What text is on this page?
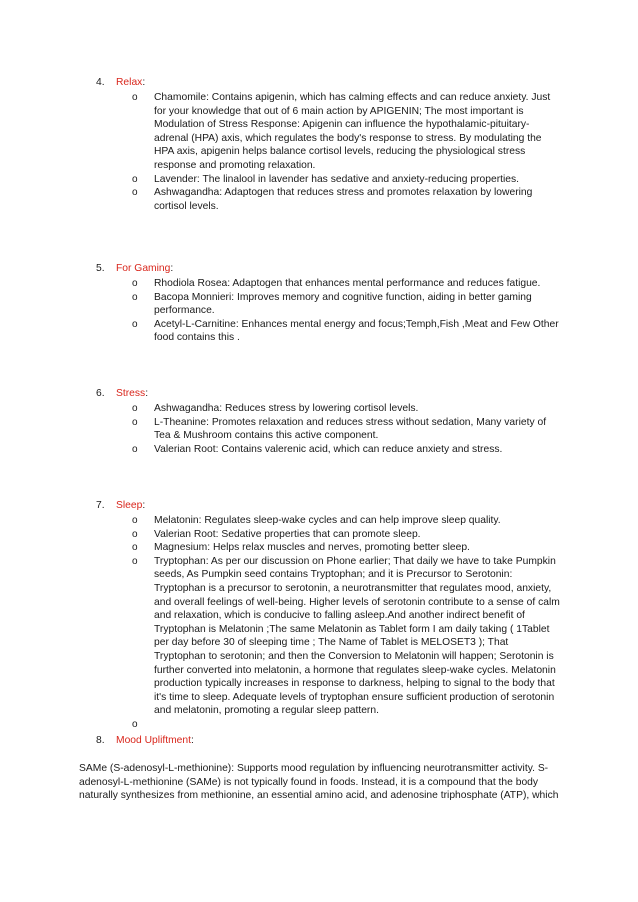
4. Relax:
o Chamomile: Contains apigenin, which has calming effects and can reduce anxiety. Just for your knowledge that out of 6 main action by APIGENIN; The most important is Modulation of Stress Response: Apigenin can influence the hypothalamic-pituitary-adrenal (HPA) axis, which regulates the body's response to stress. By modulating the HPA axis, apigenin helps balance cortisol levels, reducing the physiological stress response and promoting relaxation.
o Lavender: The linalool in lavender has sedative and anxiety-reducing properties.
o Ashwagandha: Adaptogen that reduces stress and promotes relaxation by lowering cortisol levels.
5. For Gaming:
o Rhodiola Rosea: Adaptogen that enhances mental performance and reduces fatigue.
o Bacopa Monnieri: Improves memory and cognitive function, aiding in better gaming performance.
o Acetyl-L-Carnitine: Enhances mental energy and focus;Temph,Fish ,Meat and Few Other food contains this .
6. Stress:
o Ashwagandha: Reduces stress by lowering cortisol levels.
o L-Theanine: Promotes relaxation and reduces stress without sedation, Many variety of Tea & Mushroom contains this active component.
o Valerian Root: Contains valerenic acid, which can reduce anxiety and stress.
7. Sleep:
o Melatonin: Regulates sleep-wake cycles and can help improve sleep quality.
o Valerian Root: Sedative properties that can promote sleep.
o Magnesium: Helps relax muscles and nerves, promoting better sleep.
o Tryptophan: As per our discussion on Phone earlier; That daily we have to take Pumpkin seeds, As Pumpkin seed contains Tryptophan; and it is Precursor to Serotonin: Tryptophan is a precursor to serotonin, a neurotransmitter that regulates mood, anxiety, and overall feelings of well-being. Higher levels of serotonin contribute to a sense of calm and relaxation, which is conducive to falling asleep.And another indirect benefit of Tryptophan is Melatonin ;The same Melatonin as Tablet form I am daily taking ( 1Tablet per day before 30 of sleeping time ; The Name of Tablet is MELOSET3 ); That Tryptophan to serotonin; and then the Conversion to Melatonin will happen; Serotonin is further converted into melatonin, a hormone that regulates sleep-wake cycles. Melatonin production typically increases in response to darkness, helping to signal to the body that it's time to sleep. Adequate levels of tryptophan ensure sufficient production of serotonin and melatonin, promoting a regular sleep pattern.
o
8. Mood Upliftment:

SAMe (S-adenosyl-L-methionine): Supports mood regulation by influencing neurotransmitter activity. S-adenosyl-L-methionine (SAMe) is not typically found in foods. Instead, it is a compound that the body naturally synthesizes from methionine, an essential amino acid, and adenosine triphosphate (ATP), which
